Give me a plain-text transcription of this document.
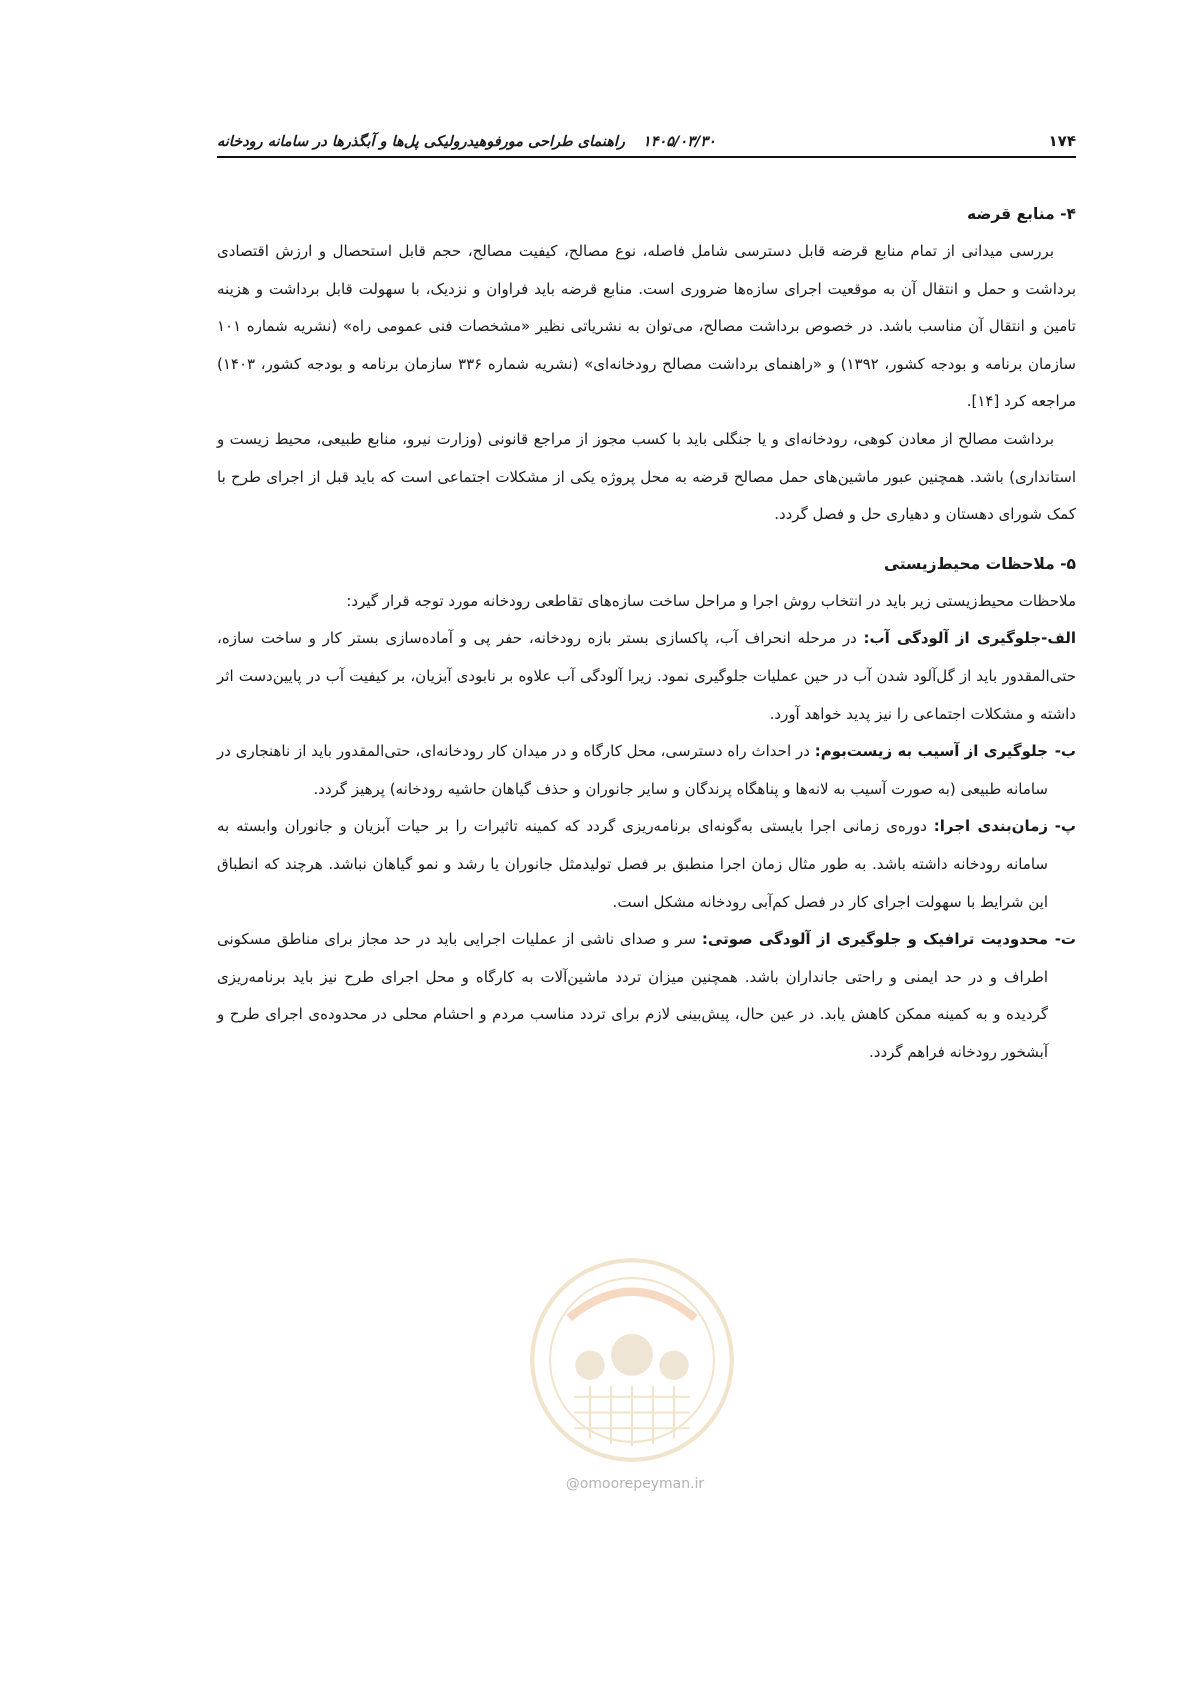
۱۷۴
۱۴۰۵/۰۳/۳۰
راهنمای طراحی مورفوهیدرولیکی پل‌ها و آبگذرها در سامانه رودخانه
۴- منابع قرضه

بررسی میدانی از تمام منابع قرضه قابل دسترسی شامل فاصله، نوع مصالح، کیفیت مصالح، حجم قابل استحصال و ارزش اقتصادی برداشت و حمل و انتقال آن به موقعیت اجرای سازه‌ها ضروری است. منابع قرضه باید فراوان و نزدیک، با سهولت قابل برداشت و هزینه تامین و انتقال آن مناسب باشد. در خصوص برداشت مصالح، می‌توان به نشریاتی نظیر «مشخصات فنی عمومی راه» (نشریه شماره ۱۰۱ سازمان برنامه و بودجه کشور، ۱۳۹۲) و «راهنمای برداشت مصالح رودخانه‌ای» (نشریه شماره ۳۳۶ سازمان برنامه و بودجه کشور، ۱۴۰۳) مراجعه کرد [۱۴].

برداشت مصالح از معادن کوهی، رودخانه‌ای و یا جنگلی باید با کسب مجوز از مراجع قانونی (وزارت نیرو، منابع طبیعی، محیط زیست و استانداری) باشد. همچنین عبور ماشین‌های حمل مصالح قرضه به محل پروژه یکی از مشکلات اجتماعی است که باید قبل از اجرای طرح با کمک شورای دهستان و دهیاری حل و فصل گردد.

۵- ملاحظات محیط‌زیستی

ملاحظات محیط‌زیستی زیر باید در انتخاب روش اجرا و مراحل ساخت سازه‌های تقاطعی رودخانه مورد توجه قرار گیرد:

الف-جلوگیری از آلودگی آب: در مرحله انحراف آب، پاکسازی بستر بازه رودخانه، حفر پی و آماده‌سازی بستر کار و ساخت سازه، حتی‌المقدور باید از گل‌آلود شدن آب در حین عملیات جلوگیری نمود. زیرا آلودگی آب علاوه بر نابودی آبزیان، بر کیفیت آب در پایین‌دست اثر داشته و مشکلات اجتماعی را نیز پدید خواهد آورد.
ب-
جلوگیری از آسیب به زیست‌بوم: در احداث راه دسترسی، محل کارگاه و در میدان کار رودخانه‌ای، حتی‌المقدور باید از ناهنجاری در سامانه طبیعی (به صورت آسیب به لانه‌ها و پناهگاه پرندگان و سایر جانوران و حذف گیاهان حاشیه رودخانه) پرهیز گردد.
پ-
زمان‌بندی اجرا: دوره‌ی زمانی اجرا بایستی به‌گونه‌ای برنامه‌ریزی گردد که کمینه تاثیرات را بر حیات آبزیان و جانوران وابسته به سامانه رودخانه داشته باشد. به طور مثال زمان اجرا منطبق بر فصل تولیدمثل جانوران یا رشد و نمو گیاهان نباشد. هرچند که انطباق این شرایط با سهولت اجرای کار در فصل کم‌آبی رودخانه مشکل است.
ت-
محدودیت ترافیک و جلوگیری از آلودگی صوتی: سر و صدای ناشی از عملیات اجرایی باید در حد مجاز برای مناطق مسکونی اطراف و در حد ایمنی و راحتی جانداران باشد. همچنین میزان تردد ماشین‌آلات به کارگاه و محل اجرای طرح نیز باید برنامه‌ریزی گردیده و به کمینه ممکن کاهش یابد. در عین حال، پیش‌بینی لازم برای تردد مناسب مردم و احشام محلی در محدوده‌ی اجرای طرح و آبشخور رودخانه فراهم گردد.
@omoorepeyman.ir
